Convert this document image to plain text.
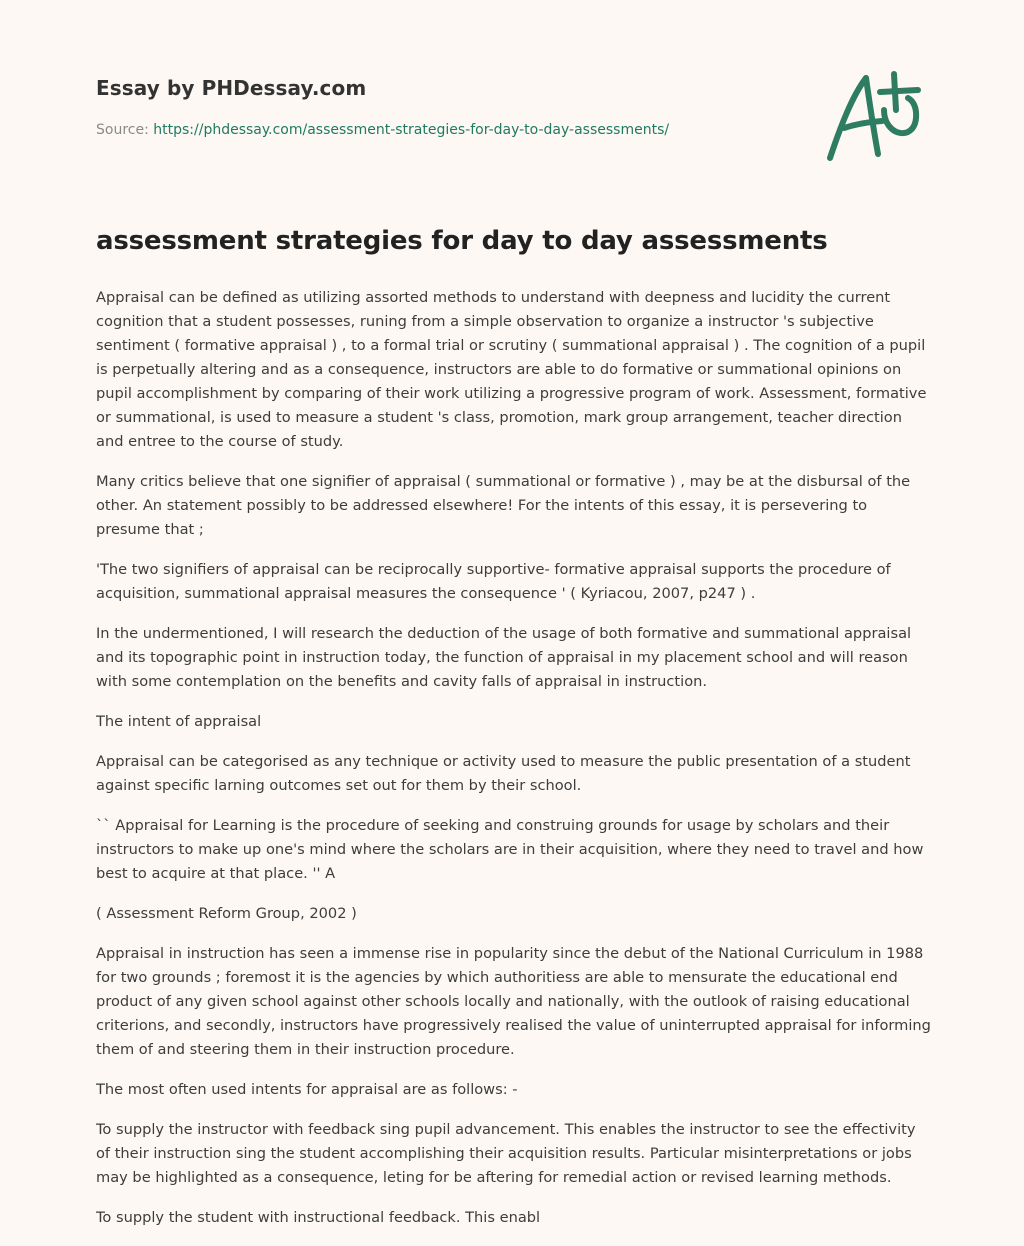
Essay by PHDessay.com
Source: https://phdessay.com/assessment-strategies-for-day-to-day-assessments/
assessment strategies for day to day assessments

Appraisal can be defined as utilizing assorted methods to understand with deepness and lucidity the current cognition that a student possesses, runing from a simple observation to organize a instructor 's subjective sentiment ( formative appraisal ) , to a formal trial or scrutiny ( summational appraisal ) . The cognition of a pupil is perpetually altering and as a consequence, instructors are able to do formative or summational opinions on pupil accomplishment by comparing of their work utilizing a progressive program of work. Assessment, formative or summational, is used to measure a student 's class, promotion, mark group arrangement, teacher direction and entree to the course of study.

Many critics believe that one signifier of appraisal ( summational or formative ) , may be at the disbursal of the other. An statement possibly to be addressed elsewhere! For the intents of this essay, it is persevering to presume that ;

'The two signifiers of appraisal can be reciprocally supportive- formative appraisal supports the procedure of acquisition, summational appraisal measures the consequence ' ( Kyriacou, 2007, p247 ) .

In the undermentioned, I will research the deduction of the usage of both formative and summational appraisal and its topographic point in instruction today, the function of appraisal in my placement school and will reason with some contemplation on the benefits and cavity falls of appraisal in instruction.

The intent of appraisal

Appraisal can be categorised as any technique or activity used to measure the public presentation of a student against specific larning outcomes set out for them by their school.

`` Appraisal for Learning is the procedure of seeking and construing grounds for usage by scholars and their instructors to make up one's mind where the scholars are in their acquisition, where they need to travel and how best to acquire at that place. '' A

( Assessment Reform Group, 2002 )

Appraisal in instruction has seen a immense rise in popularity since the debut of the National Curriculum in 1988 for two grounds ; foremost it is the agencies by which authoritiess are able to mensurate the educational end product of any given school against other schools locally and nationally, with the outlook of raising educational criterions, and secondly, instructors have progressively realised the value of uninterrupted appraisal for informing them of and steering them in their instruction procedure.

The most often used intents for appraisal are as follows: -

To supply the instructor with feedback sing pupil advancement. This enables the instructor to see the effectivity of their instruction sing the student accomplishing their acquisition results. Particular misinterpretations or jobs may be highlighted as a consequence, leting for be aftering for remedial action or revised learning methods.

To supply the student with instructional feedback. This enabl
